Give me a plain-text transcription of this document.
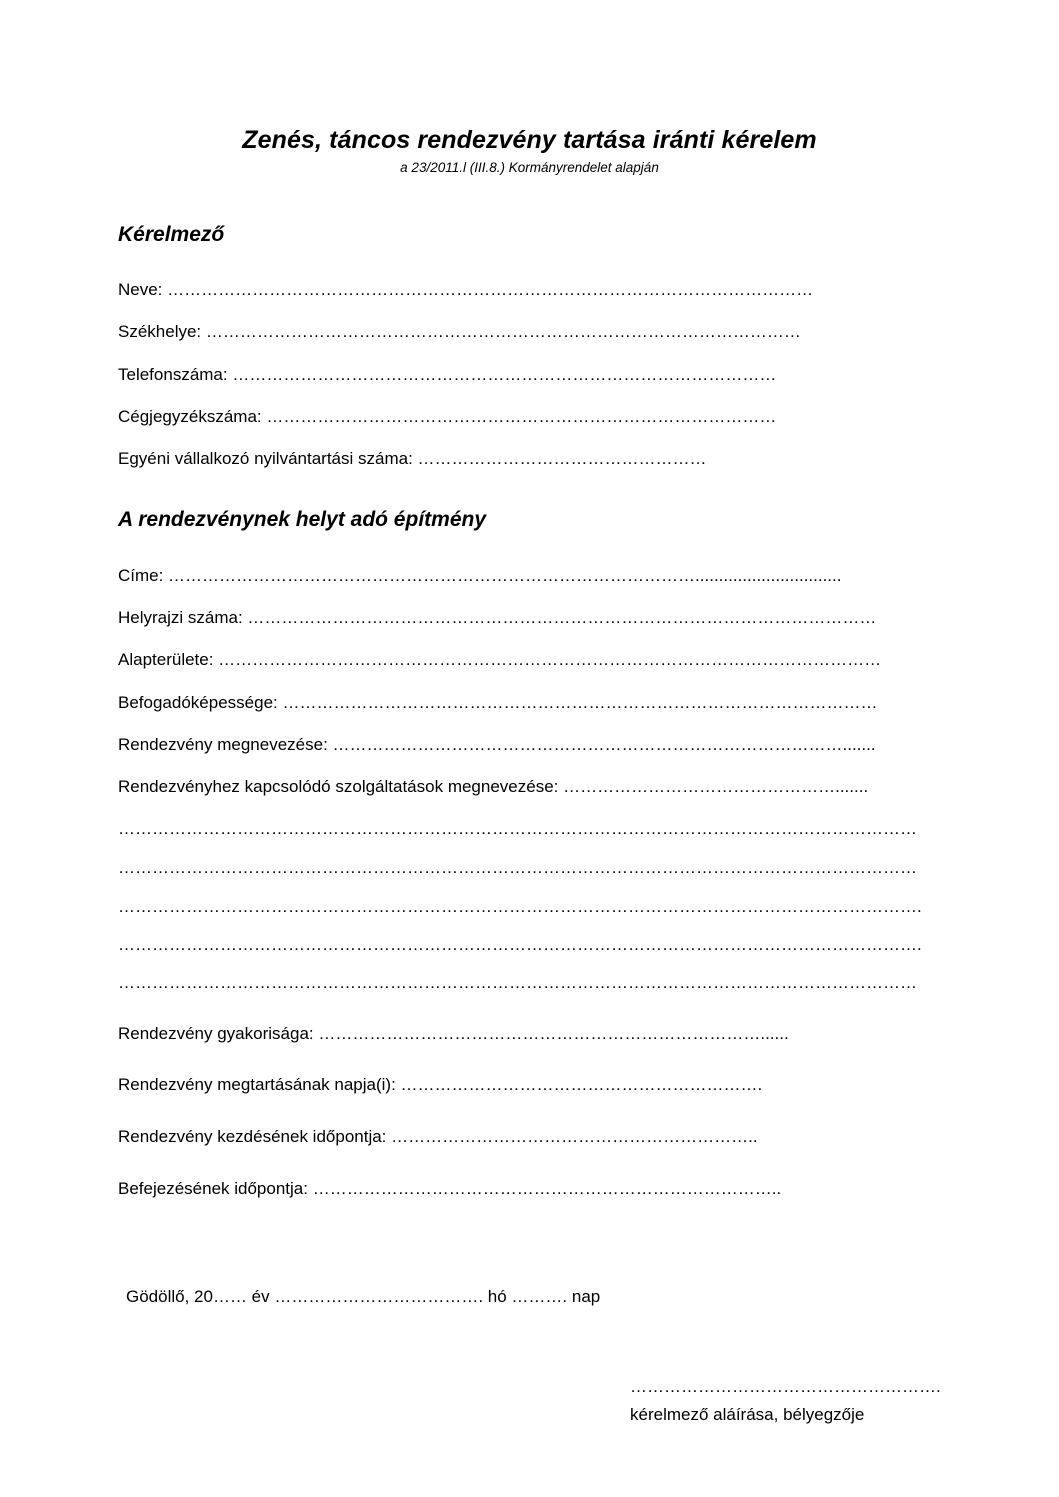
Zenés, táncos rendezvény tartása iránti kérelem
a 23/2011.l (III.8.) Kormányrendelet alapján
Kérelmező
Neve: ……………………………………………………………………………………………………
Székhelye: ……………………………………………………………………………………………
Telefonszáma: ……………………………………………………………………………………
Cégjegyzékszáma: ………………………………………………………………………………
Egyéni vállalkozó nyilvántartási száma: ……………………………………………
A rendezvénynek helyt adó építmény
Címe: …………………………………………………………………………………...............................
Helyrajzi száma: …………………………………………………………………………………………………
Alapterülete: ………………………………………………………………………………………………………
Befogadóképessége: ……………………………………………………………………………………………
Rendezvény megnevezése: ……………………………………………………………………………….......
Rendezvényhez kapcsolódó szolgáltatások megnevezése: ………………………………………….......
……………………………………………………………………………………………………………………………
……………………………………………………………………………………………………………………………
…………………………………………………………………………………………………………………………….
…………………………………………………………………………………………………………………………….
……………………………………………………………………………………………………………………………
Rendezvény gyakorisága: ……………………………………………………………………......
Rendezvény megtartásának napja(i): ……………………………………………………….
Rendezvény kezdésének időpontja: ………………………………………………………..
Befejezésének időpontja: ………………………………………………………………………..
Gödöllő, 20…… év ………………………………. hó ………. nap
……………………………………………….
kérelmező aláírása, bélyegzője
